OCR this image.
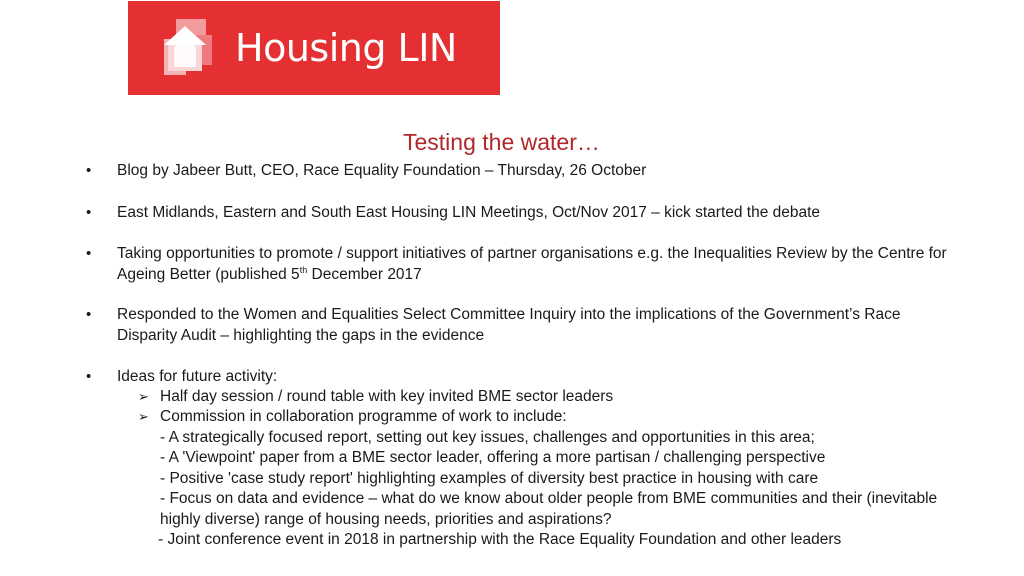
Housing LIN
Testing the water…
• Blog by Jabeer Butt, CEO, Race Equality Foundation – Thursday, 26 October
• East Midlands, Eastern and South East Housing LIN Meetings, Oct/Nov 2017 – kick started the debate
• Taking opportunities to promote / support initiatives of partner organisations e.g. the Inequalities Review by the Centre for Ageing Better (published 5th December 2017
• Responded to the Women and Equalities Select Committee Inquiry into the implications of the Government’s Race Disparity Audit – highlighting the gaps in the evidence
• Ideas for future activity:
➢ Half day session / round table with key invited BME sector leaders
➢ Commission in collaboration programme of work to include:
- A strategically focused report, setting out key issues, challenges and opportunities in this area;
- A 'Viewpoint' paper from a BME sector leader, offering a more partisan / challenging perspective
- Positive 'case study report' highlighting examples of diversity best practice in housing with care
- Focus on data and evidence – what do we know about older people from BME communities and their (inevitable highly diverse) range of housing needs, priorities and aspirations?
- Joint conference event in 2018 in partnership with the Race Equality Foundation and other leaders
